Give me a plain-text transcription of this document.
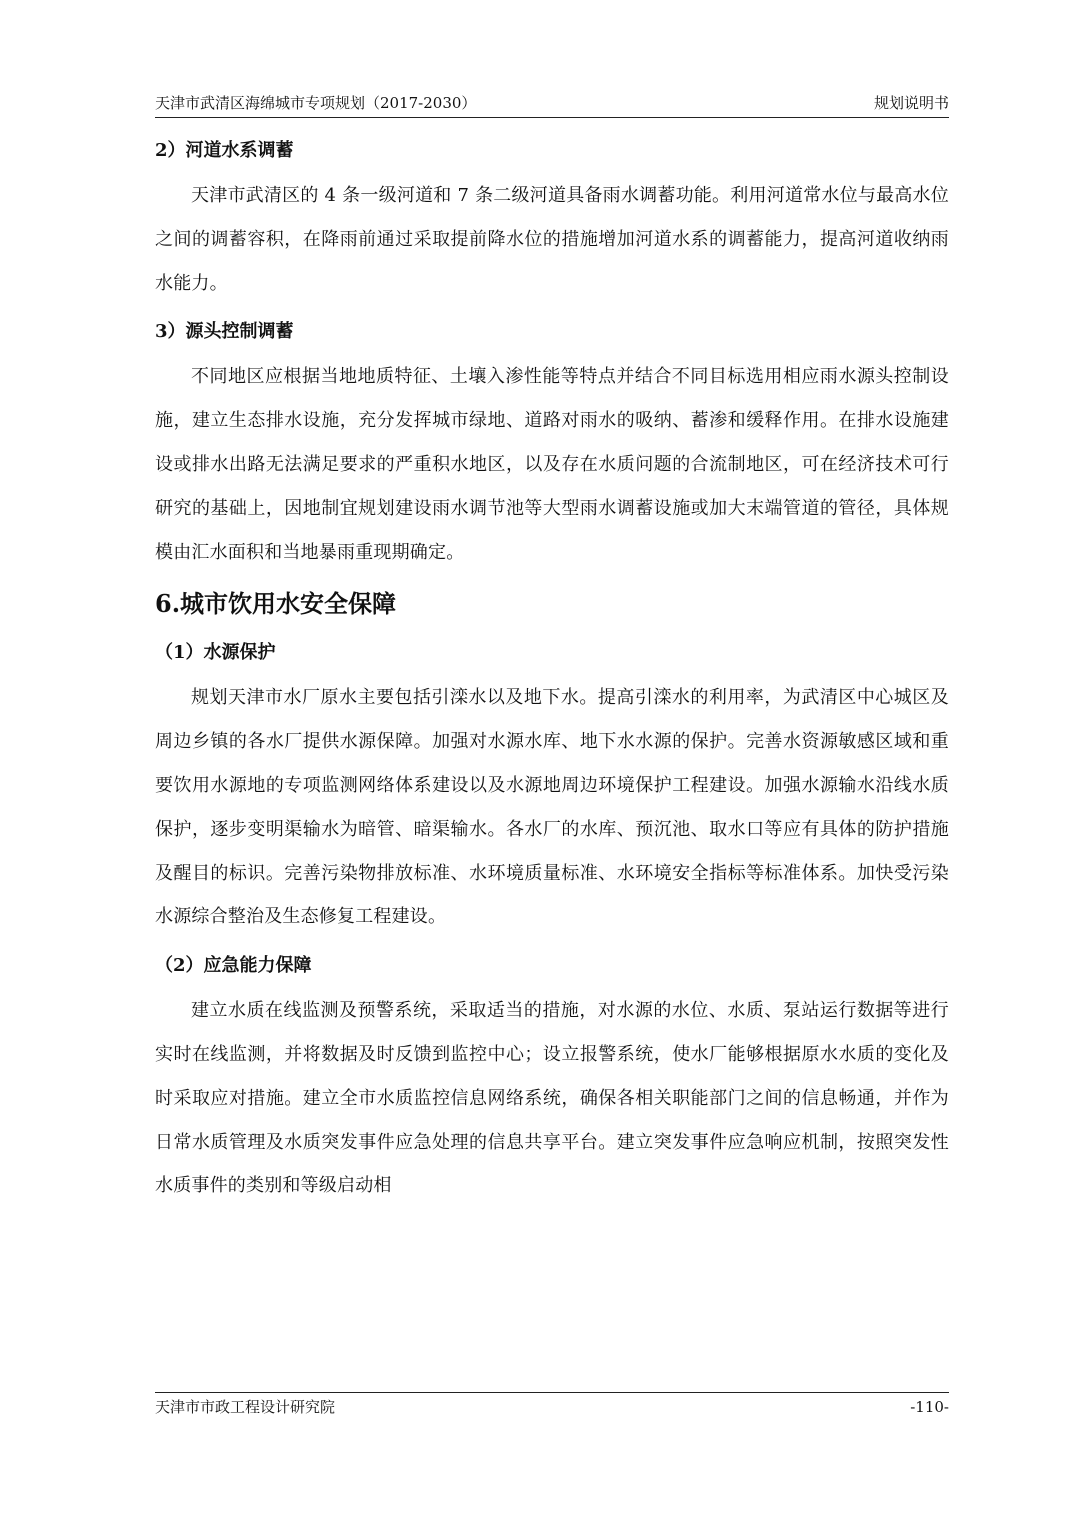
天津市武清区海绵城市专项规划（2017-2030）	规划说明书
2）河道水系调蓄

天津市武清区的 4 条一级河道和 7 条二级河道具备雨水调蓄功能。利用河道常水位与最高水位之间的调蓄容积，在降雨前通过采取提前降水位的措施增加河道水系的调蓄能力，提高河道收纳雨水能力。

3）源头控制调蓄

不同地区应根据当地地质特征、土壤入渗性能等特点并结合不同目标选用相应雨水源头控制设施，建立生态排水设施，充分发挥城市绿地、道路对雨水的吸纳、蓄渗和缓释作用。在排水设施建设或排水出路无法满足要求的严重积水地区，以及存在水质问题的合流制地区，可在经济技术可行研究的基础上，因地制宜规划建设雨水调节池等大型雨水调蓄设施或加大末端管道的管径，具体规模由汇水面积和当地暴雨重现期确定。

6.城市饮用水安全保障
（1）水源保护

规划天津市水厂原水主要包括引滦水以及地下水。提高引滦水的利用率，为武清区中心城区及周边乡镇的各水厂提供水源保障。加强对水源水库、地下水水源的保护。完善水资源敏感区域和重要饮用水源地的专项监测网络体系建设以及水源地周边环境保护工程建设。加强水源输水沿线水质保护，逐步变明渠输水为暗管、暗渠输水。各水厂的水库、预沉池、取水口等应有具体的防护措施及醒目的标识。完善污染物排放标准、水环境质量标准、水环境安全指标等标准体系。加快受污染水源综合整治及生态修复工程建设。

（2）应急能力保障

建立水质在线监测及预警系统，采取适当的措施，对水源的水位、水质、泵站运行数据等进行实时在线监测，并将数据及时反馈到监控中心；设立报警系统，使水厂能够根据原水水质的变化及时采取应对措施。建立全市水质监控信息网络系统，确保各相关职能部门之间的信息畅通，并作为日常水质管理及水质突发事件应急处理的信息共享平台。建立突发事件应急响应机制，按照突发性水质事件的类别和等级启动相

天津市市政工程设计研究院	-110-
